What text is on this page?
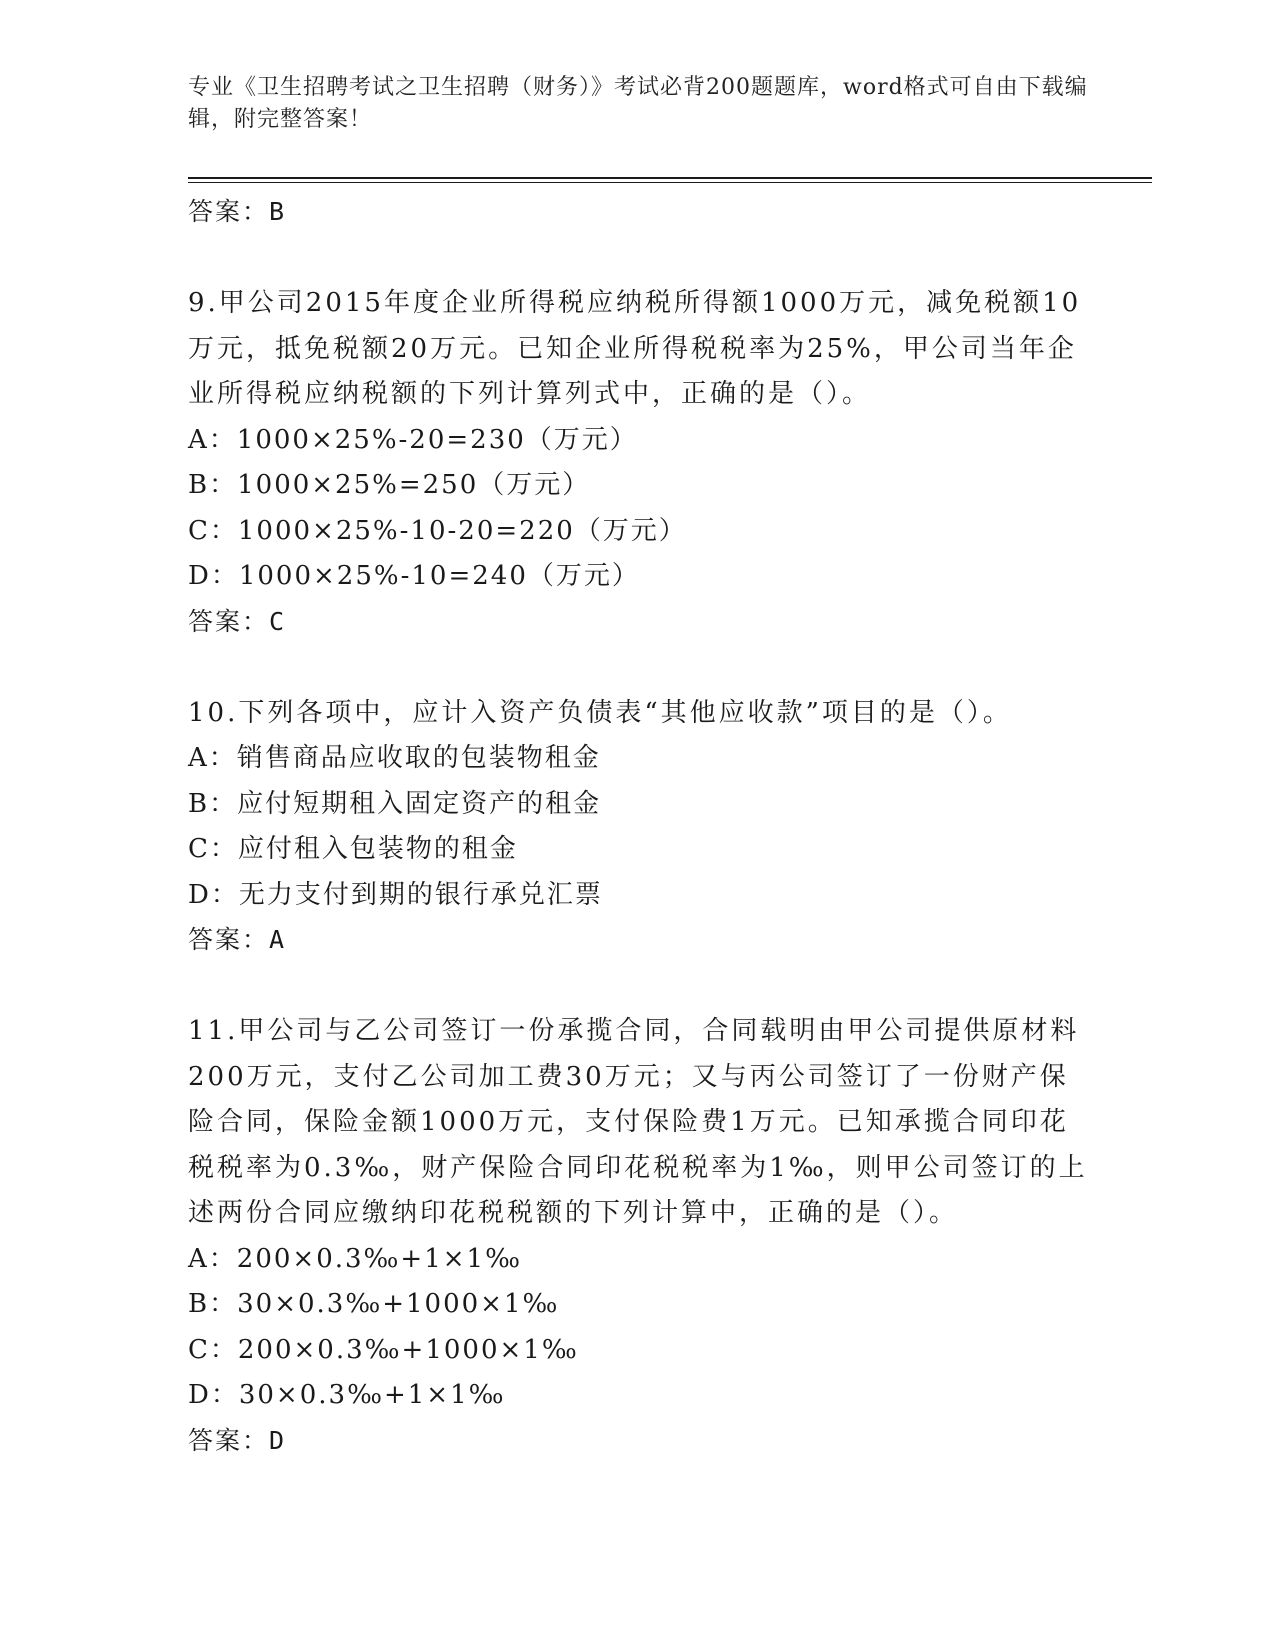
专业《卫生招聘考试之卫生招聘（财务）》考试必背200题题库，word格式可自由下载编辑，附完整答案！
答案：B
9.甲公司2015年度企业所得税应纳税所得额1000万元，减免税额10万元，抵免税额20万元。已知企业所得税税率为25%，甲公司当年企业所得税应纳税额的下列计算列式中，正确的是（）。
A：1000×25%-20=230（万元）
B：1000×25%=250（万元）
C：1000×25%-10-20=220（万元）
D：1000×25%-10=240（万元）
答案：C
10.下列各项中，应计入资产负债表“其他应收款”项目的是（）。
A：销售商品应收取的包装物租金
B：应付短期租入固定资产的租金
C：应付租入包装物的租金
D：无力支付到期的银行承兑汇票
答案：A
11.甲公司与乙公司签订一份承揽合同，合同载明由甲公司提供原材料200万元，支付乙公司加工费30万元；又与丙公司签订了一份财产保险合同，保险金额1000万元，支付保险费1万元。已知承揽合同印花税税率为0.3‰，财产保险合同印花税税率为1‰，则甲公司签订的上述两份合同应缴纳印花税税额的下列计算中，正确的是（）。
A：200×0.3‰+1×1‰
B：30×0.3‰+1000×1‰
C：200×0.3‰+1000×1‰
D：30×0.3‰+1×1‰
答案：D
